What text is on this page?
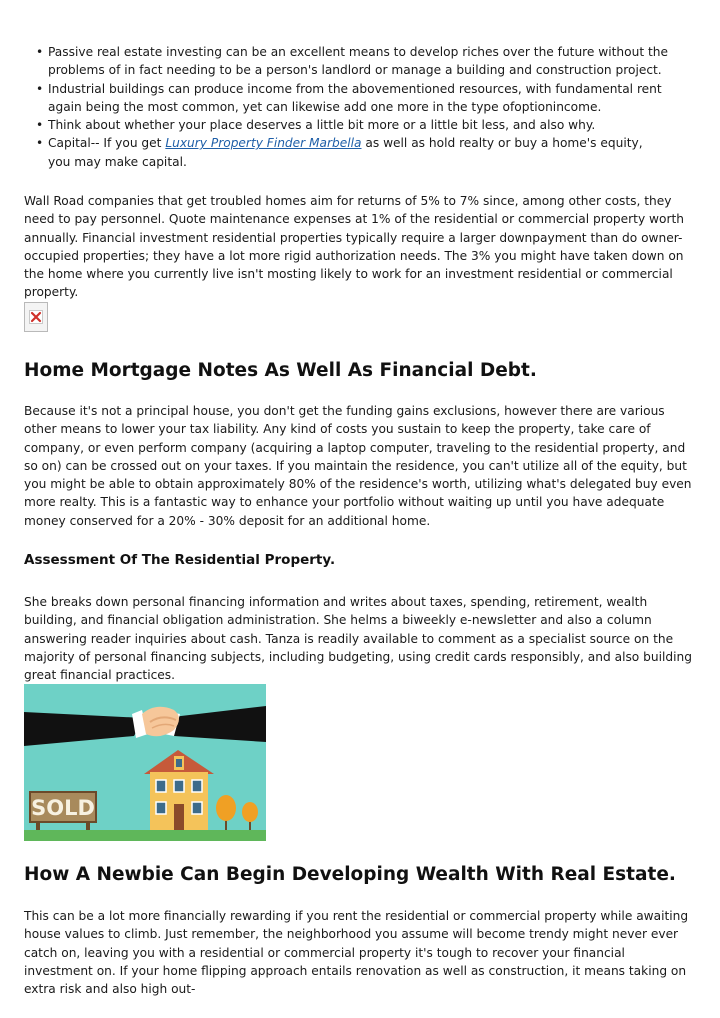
• Passive real estate investing can be an excellent means to develop riches over the future without the problems of in fact needing to be a person's landlord or manage a building and construction project.
• Industrial buildings can produce income from the abovementioned resources, with fundamental rent again being the most common, yet can likewise add one more in the type ofoptionincome.
• Think about whether your place deserves a little bit more or a little bit less, and also why.
• Capital-- If you get Luxury Property Finder Marbella as well as hold realty or buy a home's equity, you may make capital.

Wall Road companies that get troubled homes aim for returns of 5% to 7% since, among other costs, they need to pay personnel. Quote maintenance expenses at 1% of the residential or commercial property worth annually. Financial investment residential properties typically require a larger downpayment than do owner-occupied properties; they have a lot more rigid authorization needs. The 3% you might have taken down on the home where you currently live isn't mosting likely to work for an investment residential or commercial property.

Home Mortgage Notes As Well As Financial Debt.

Because it's not a principal house, you don't get the funding gains exclusions, however there are various other means to lower your tax liability. Any kind of costs you sustain to keep the property, take care of company, or even perform company (acquiring a laptop computer, traveling to the residential property, and so on) can be crossed out on your taxes. If you maintain the residence, you can't utilize all of the equity, but you might be able to obtain approximately 80% of the residence's worth, utilizing what's delegated buy even more realty. This is a fantastic way to enhance your portfolio without waiting up until you have adequate money conserved for a 20% - 30% deposit for an additional home.

Assessment Of The Residential Property.

She breaks down personal financing information and writes about taxes, spending, retirement, wealth building, and financial obligation administration. She helms a biweekly e-newsletter and also a column answering reader inquiries about cash. Tanza is readily available to comment as a specialist source on the majority of personal financing subjects, including budgeting, using credit cards responsibly, and also building great financial practices.

SOLD
How A Newbie Can Begin Developing Wealth With Real Estate.

This can be a lot more financially rewarding if you rent the residential or commercial property while awaiting house values to climb. Just remember, the neighborhood you assume will become trendy might never ever catch on, leaving you with a residential or commercial property it's tough to recover your financial investment on. If your home flipping approach entails renovation as well as construction, it means taking on extra risk and also high out-
